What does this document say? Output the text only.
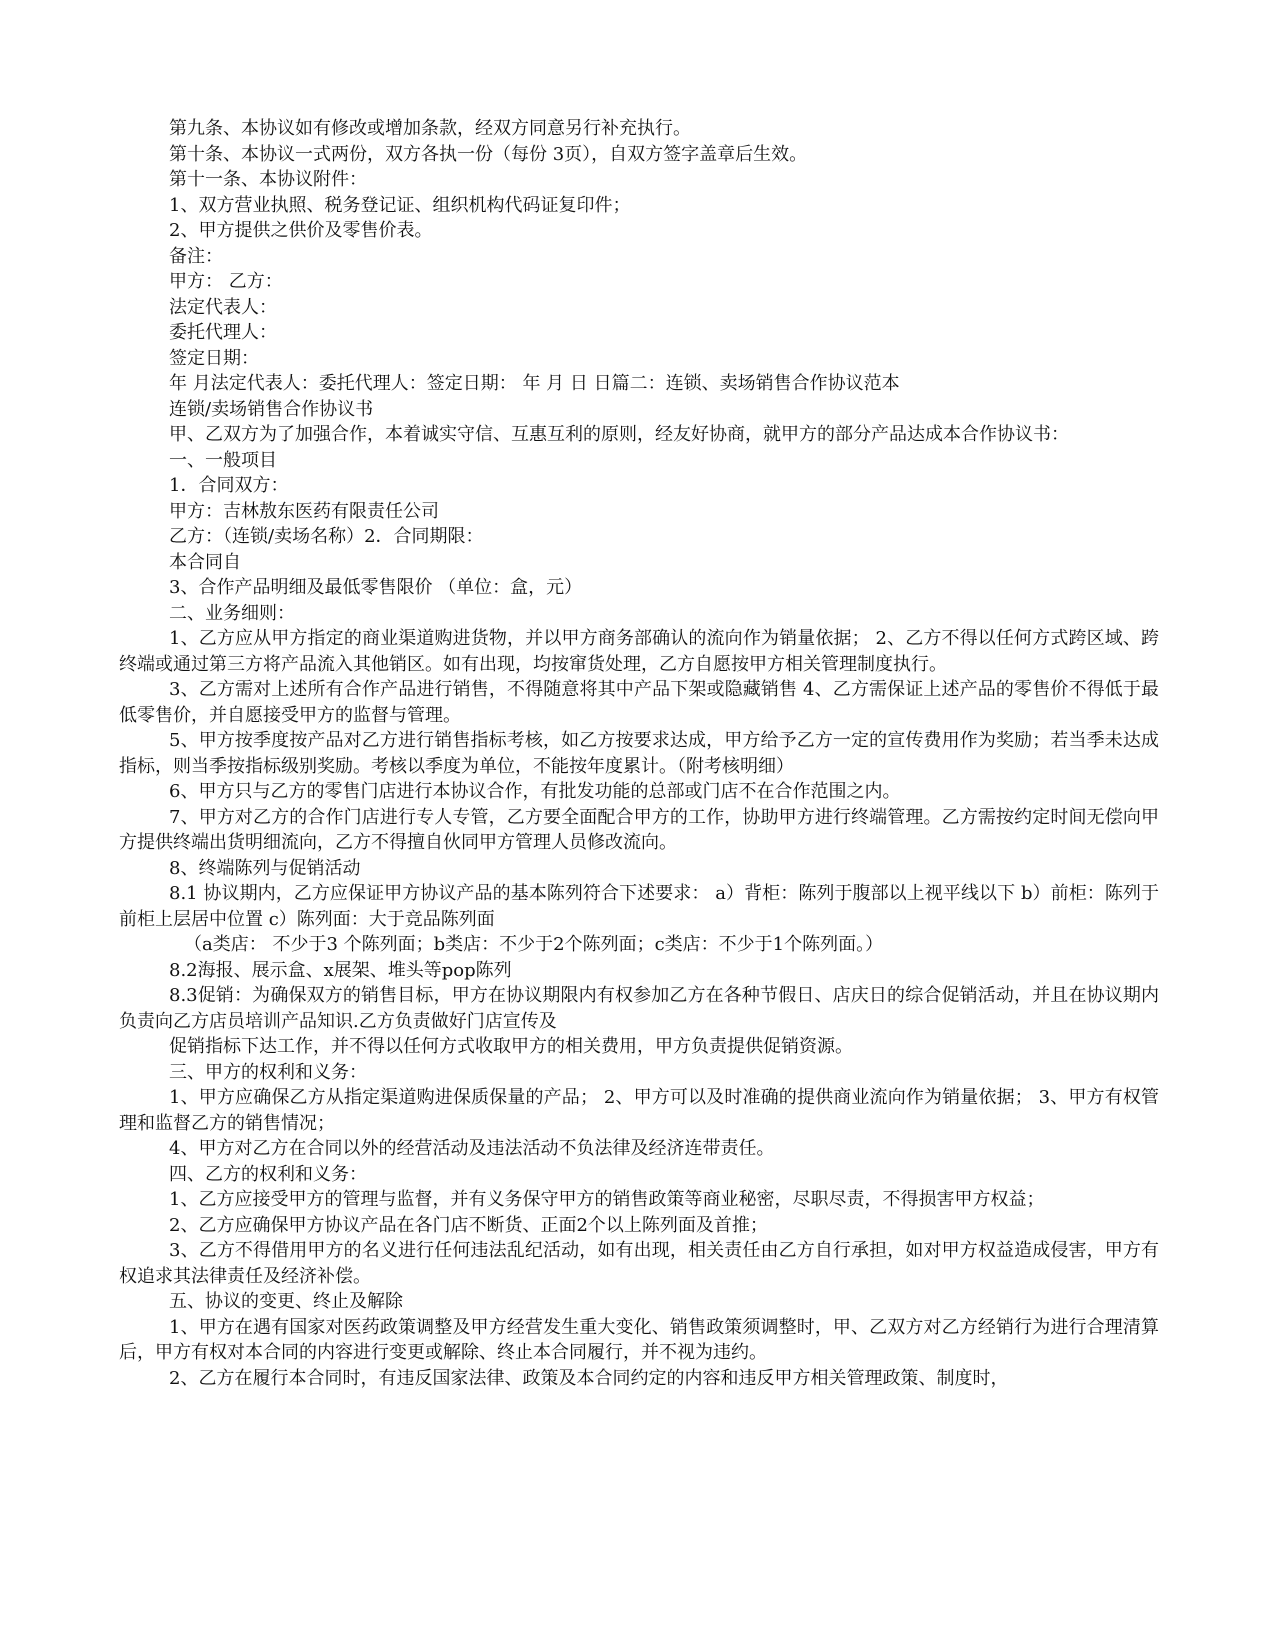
第九条、本协议如有修改或增加条款，经双方同意另行补充执行。

第十条、本协议一式两份，双方各执一份（每份 3页），自双方签字盖章后生效。

第十一条、本协议附件：

1、双方营业执照、税务登记证、组织机构代码证复印件；

2、甲方提供之供价及零售价表。

备注：

甲方： 乙方：

法定代表人：

委托代理人：

签定日期：

年 月法定代表人：委托代理人：签定日期： 年 月 日 日篇二：连锁、卖场销售合作协议范本

连锁/卖场销售合作协议书

甲、乙双方为了加强合作，本着诚实守信、互惠互利的原则，经友好协商，就甲方的部分产品达成本合作协议书：

一、一般项目

1．合同双方：

甲方：吉林敖东医药有限责任公司

乙方：（连锁/卖场名称）2．合同期限：

本合同自

3、合作产品明细及最低零售限价 （单位：盒，元）

二、业务细则：

1、乙方应从甲方指定的商业渠道购进货物，并以甲方商务部确认的流向作为销量依据； 2、乙方不得以任何方式跨区域、跨终端或通过第三方将产品流入其他销区。如有出现，均按窜货处理，乙方自愿按甲方相关管理制度执行。

3、乙方需对上述所有合作产品进行销售，不得随意将其中产品下架或隐藏销售 4、乙方需保证上述产品的零售价不得低于最低零售价，并自愿接受甲方的监督与管理。

5、甲方按季度按产品对乙方进行销售指标考核，如乙方按要求达成，甲方给予乙方一定的宣传费用作为奖励；若当季未达成指标，则当季按指标级别奖励。考核以季度为单位，不能按年度累计。（附考核明细）

6、甲方只与乙方的零售门店进行本协议合作，有批发功能的总部或门店不在合作范围之内。

7、甲方对乙方的合作门店进行专人专管，乙方要全面配合甲方的工作，协助甲方进行终端管理。乙方需按约定时间无偿向甲方提供终端出货明细流向，乙方不得擅自伙同甲方管理人员修改流向。

8、终端陈列与促销活动

8.1 协议期内，乙方应保证甲方协议产品的基本陈列符合下述要求： a）背柜：陈列于腹部以上视平线以下 b）前柜：陈列于前柜上层居中位置 c）陈列面：大于竞品陈列面

（a类店： 不少于3 个陈列面；b类店：不少于2个陈列面；c类店：不少于1个陈列面。）

8.2海报、展示盒、x展架、堆头等pop陈列

8.3促销：为确保双方的销售目标，甲方在协议期限内有权参加乙方在各种节假日、店庆日的综合促销活动，并且在协议期内负责向乙方店员培训产品知识.乙方负责做好门店宣传及

促销指标下达工作，并不得以任何方式收取甲方的相关费用，甲方负责提供促销资源。

三、甲方的权利和义务：

1、甲方应确保乙方从指定渠道购进保质保量的产品； 2、甲方可以及时准确的提供商业流向作为销量依据； 3、甲方有权管理和监督乙方的销售情况；

4、甲方对乙方在合同以外的经营活动及违法活动不负法律及经济连带责任。

四、乙方的权利和义务：

1、乙方应接受甲方的管理与监督，并有义务保守甲方的销售政策等商业秘密，尽职尽责，不得损害甲方权益；

2、乙方应确保甲方协议产品在各门店不断货、正面2个以上陈列面及首推；

3、乙方不得借用甲方的名义进行任何违法乱纪活动，如有出现，相关责任由乙方自行承担，如对甲方权益造成侵害，甲方有权追求其法律责任及经济补偿。

五、协议的变更、终止及解除

1、甲方在遇有国家对医药政策调整及甲方经营发生重大变化、销售政策须调整时，甲、乙双方对乙方经销行为进行合理清算后，甲方有权对本合同的内容进行变更或解除、终止本合同履行，并不视为违约。

2、乙方在履行本合同时，有违反国家法律、政策及本合同约定的内容和违反甲方相关管理政策、制度时，
